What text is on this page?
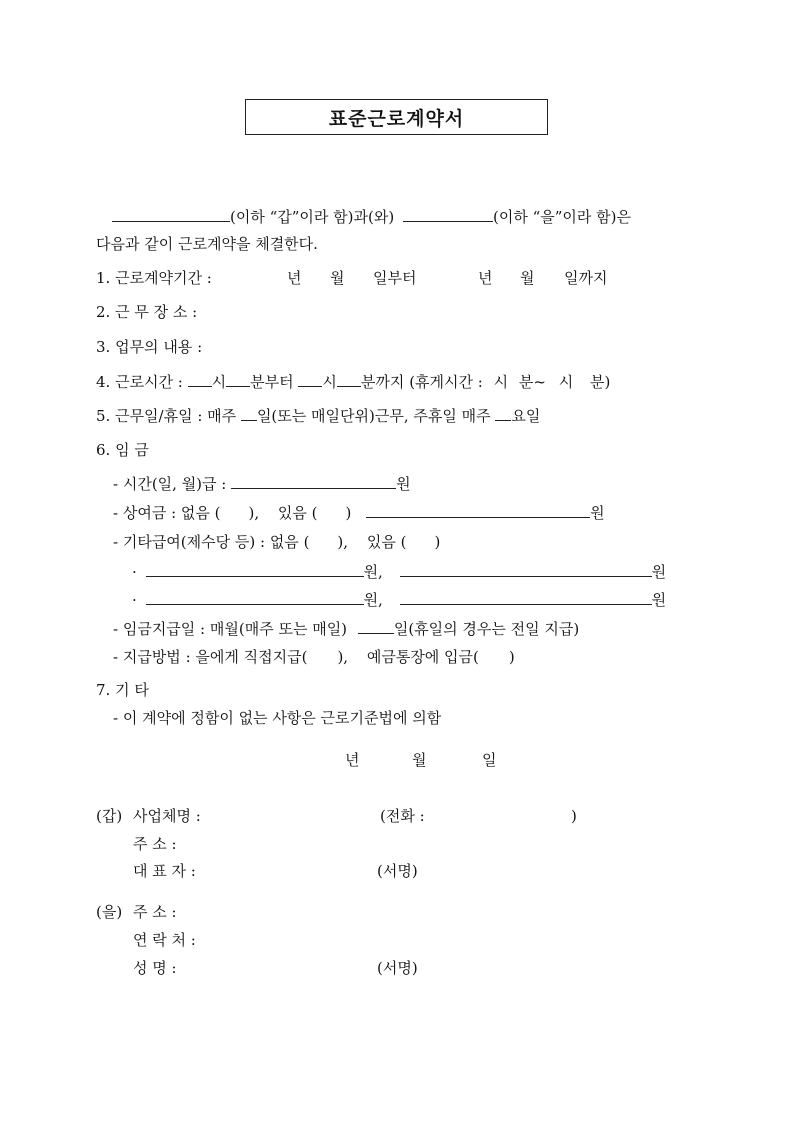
표준근로계약서
(이하 “갑”이라 함)과(와)	(이하 “을”이라 함)은
다음과 같이 근로계약을 체결한다.
1. 근로계약기간 :	년 월 일부터	년 월 일까지
2. 근 무 장 소 :
3. 업무의 내용 :
4. 근로시간 : 시 분부터 시 분까지 (휴게시간 : 시 분~ 시 분)
5. 근무일/휴일 : 매주 일(또는 매일단위)근무, 주휴일 매주 요일
6. 임 금
- 시간(일, 월)급 :	원
- 상여금 : 없음 ( ), 있음 ( )	원
- 기타급여(제수당 등) : 없음 ( ), 있음 ( )
·	원,	원
·	원,	원
- 임금지급일 : 매월(매주 또는 매일)	일(휴일의 경우는 전일 지급)
- 지급방법 : 을에게 직접지급( ), 예금통장에 입금( )
7. 기 타
- 이 계약에 정함이 없는 사항은 근로기준법에 의함
년	월	일
(갑) 사업체명 :	(전화 :	)
주 소 :
대 표 자 :	(서명)
(을) 주 소 :
연 락 처 :
성 명 :	(서명)
